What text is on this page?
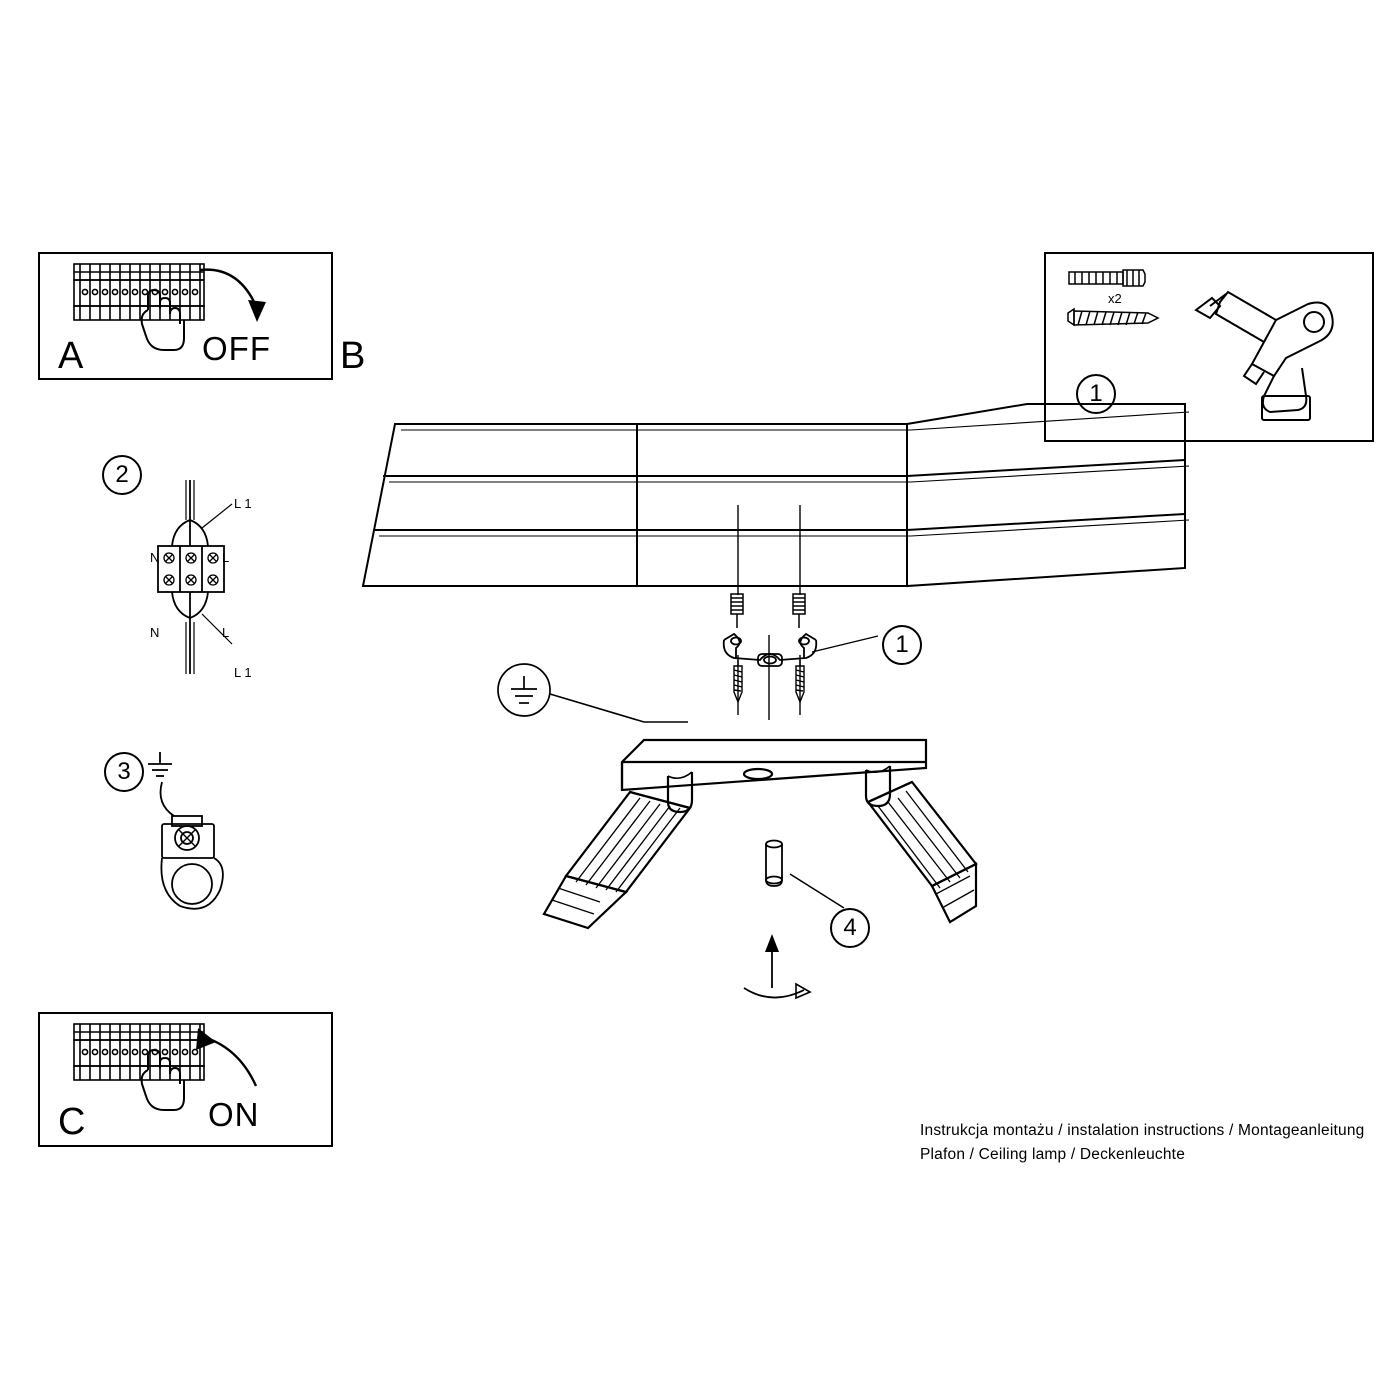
A	OFF B
1
x2
2
L 1
N	L
N	L
L 1
3
C	ON
1
4
Instrukcja montażu / instalation instructions / Montageanleitung
Plafon / Ceiling lamp / Deckenleuchte
